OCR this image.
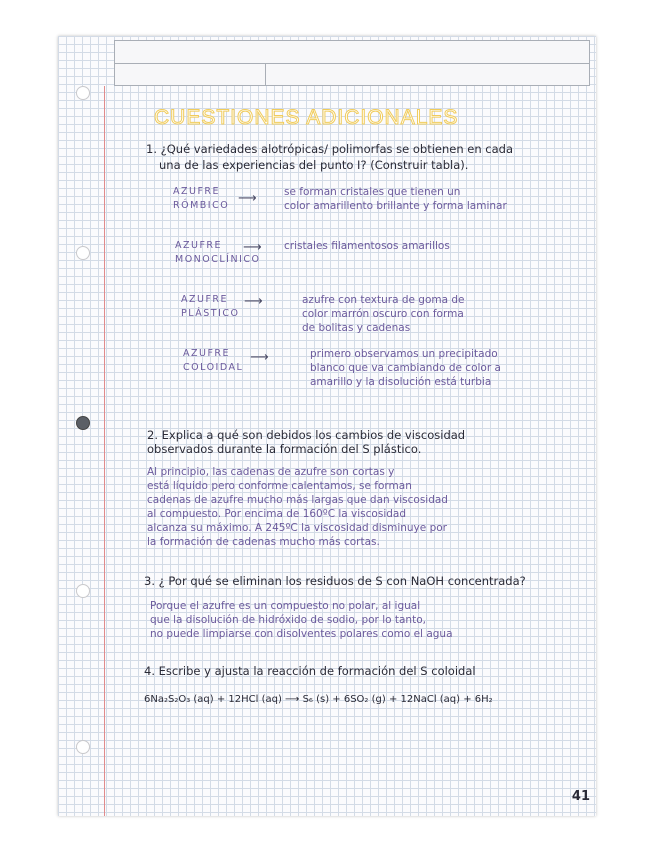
CUESTIONES ADICIONALES
1. ¿Qué variedades alotrópicas/ polimorfas se obtienen en cada
una de las experiencias del punto I? (Construir tabla).
AZUFRE
RÓMBICO ⟶	se forman cristales que tienen un
color amarillento brillante y forma laminar
AZUFRE
MONOCLÍNICO
⟶ cristales filamentosos amarillos
AZUFRE
PLÁSTICO
⟶	azufre con textura de goma de
color marrón oscuro con forma
de bolitas y cadenas
AZUFRE
COLOIDAL
⟶	primero observamos un precipitado
blanco que va cambiando de color a
amarillo y la disolución está turbia
2. Explica a qué son debidos los cambios de viscosidad
observados durante la formación del S plástico.
Al principio, las cadenas de azufre son cortas y
está líquido pero conforme calentamos, se forman
cadenas de azufre mucho más largas que dan viscosidad
al compuesto. Por encima de 160ºC la viscosidad
alcanza su máximo. A 245ºC la viscosidad disminuye por
la formación de cadenas mucho más cortas.
3. ¿ Por qué se eliminan los residuos de S con NaOH concentrada?
Porque el azufre es un compuesto no polar, al igual
que la disolución de hidróxido de sodio, por lo tanto,
no puede limpiarse con disolventes polares como el agua
4. Escribe y ajusta la reacción de formación del S coloidal
6Na₂S₂O₃ (aq) + 12HCl (aq) ⟶ S₆ (s) + 6SO₂ (g) + 12NaCl (aq) + 6H₂
41
